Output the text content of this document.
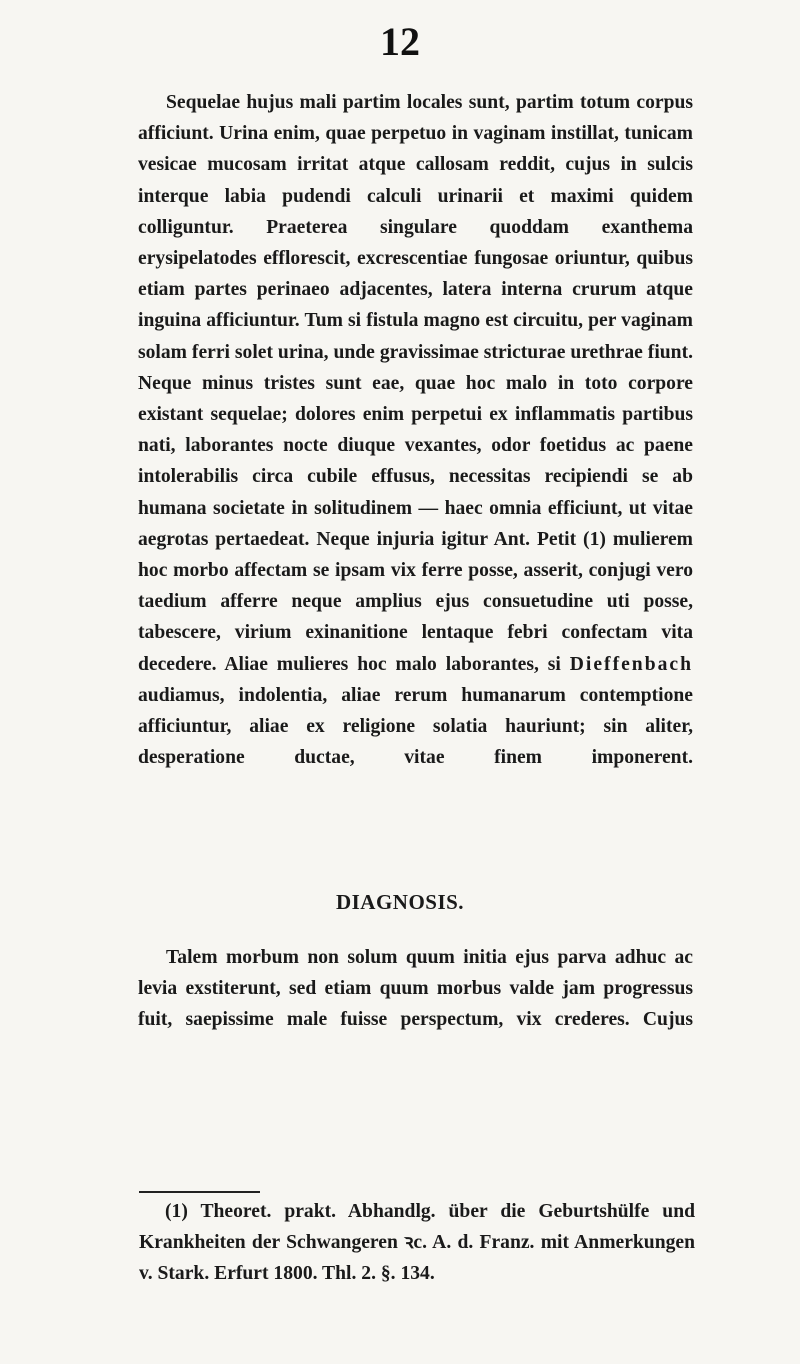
12

Sequelae hujus mali partim locales sunt, partim totum corpus afficiunt. Urina enim, quae perpetuo in vaginam instillat, tunicam vesicae mucosam irritat atque callosam reddit, cujus in sulcis interque labia pudendi calculi urinarii et maximi quidem colliguntur. Praeterea singulare quoddam exanthema erysipelatodes efflorescit, excrescentiae fungosae oriuntur, quibus etiam partes perinaeo adjacentes, latera interna crurum atque inguina afficiuntur. Tum si fistula magno est circuitu, per vaginam solam ferri solet urina, unde gravissimae stricturae urethrae fiunt. Neque minus tristes sunt eae, quae hoc malo in toto corpore existant sequelae; dolores enim perpetui ex inflammatis partibus nati, laborantes nocte diuque vexantes, odor foetidus ac paene intolerabilis circa cubile effusus, necessitas recipiendi se ab humana societate in solitudinem — haec omnia efficiunt, ut vitae aegrotas pertaedeat. Neque injuria igitur Ant. Petit (1) mulierem hoc morbo affectam se ipsam vix ferre posse, asserit, conjugi vero taedium afferre neque amplius ejus consuetudine uti posse, tabescere, virium exinanitione lentaque febri confectam vita decedere. Aliae mulieres hoc malo laborantes, si Dieffenbach audiamus, indolentia, aliae rerum humanarum contemptione afficiuntur, aliae ex religione solatia hauriunt; sin aliter, desperatione ductae, vitae finem imponerent.

DIAGNOSIS.

Talem morbum non solum quum initia ejus parva adhuc ac levia exstiterunt, sed etiam quum morbus valde jam progressus fuit, saepissime male fuisse perspectum, vix crederes. Cujus

(1) Theoret. prakt. Abhandlg. über die Geburtshülfe und Krankheiten der Schwangeren ꝛc. A. d. Franz. mit Anmerkungen v. Stark. Erfurt 1800. Thl. 2. §. 134.
